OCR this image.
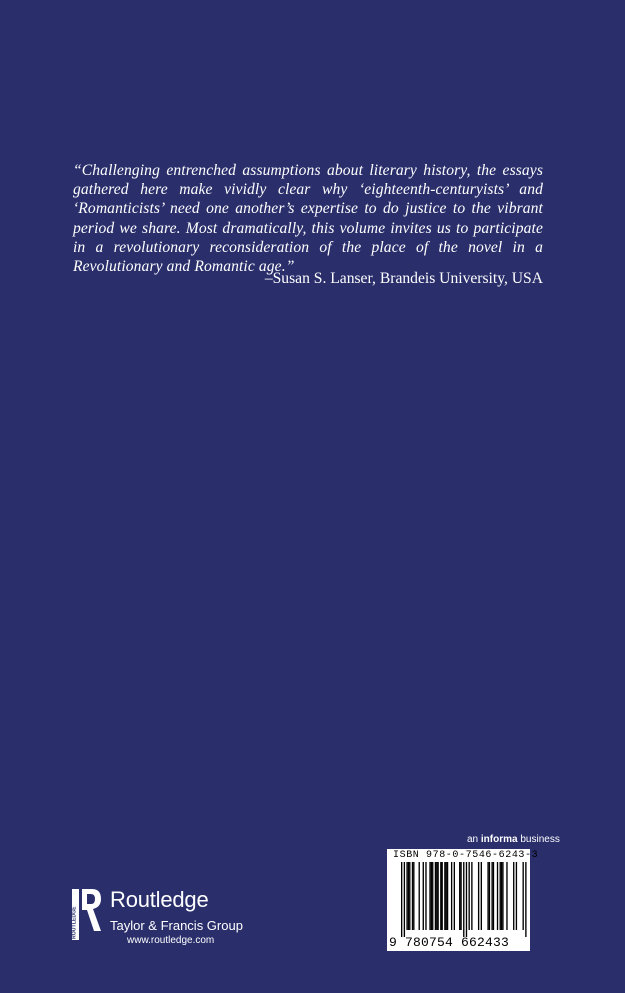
“Challenging entrenched assumptions about literary history, the essays gathered here make vividly clear why ‘eighteenth-centuryists’ and ‘Romanticists’ need one another’s expertise to do justice to the vibrant period we share. Most dramatically, this volume invites us to participate in a revolutionary reconsideration of the place of the novel in a Revolutionary and Romantic age.”
–Susan S. Lanser, Brandeis University, USA
ROUTLEDGE
Routledge
Taylor & Francis Group
www.routledge.com
an informa business
ISBN 978-0-7546-6243-3
9 780754 662433
